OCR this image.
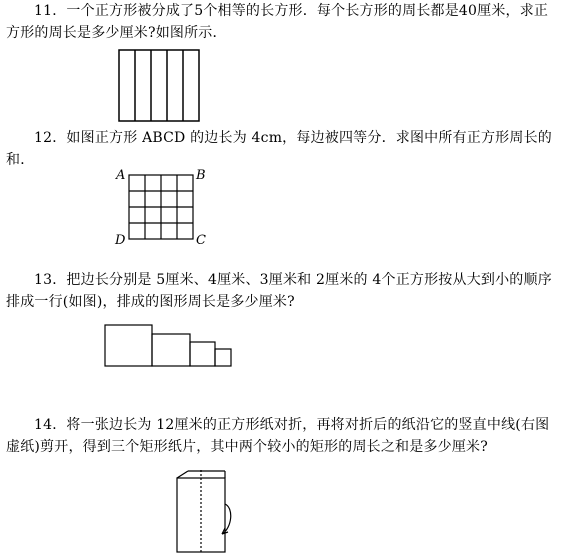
11．一个正方形被分成了5个相等的长方形．每个长方形的周长都是40厘米，求正方形的周长是多少厘米?如图所示．

12．如图正方形 ABCD 的边长为 4cm，每边被四等分．求图中所有正方形周长的和．

A	B
C
D

13．把边长分别是 5厘米、4厘米、3厘米和 2厘米的 4个正方形按从大到小的顺序排成一行(如图)，排成的图形周长是多少厘米?

14．将一张边长为 12厘米的正方形纸对折，再将对折后的纸沿它的竖直中线(右图虚纸)剪开，得到三个矩形纸片，其中两个较小的矩形的周长之和是多少厘米?
